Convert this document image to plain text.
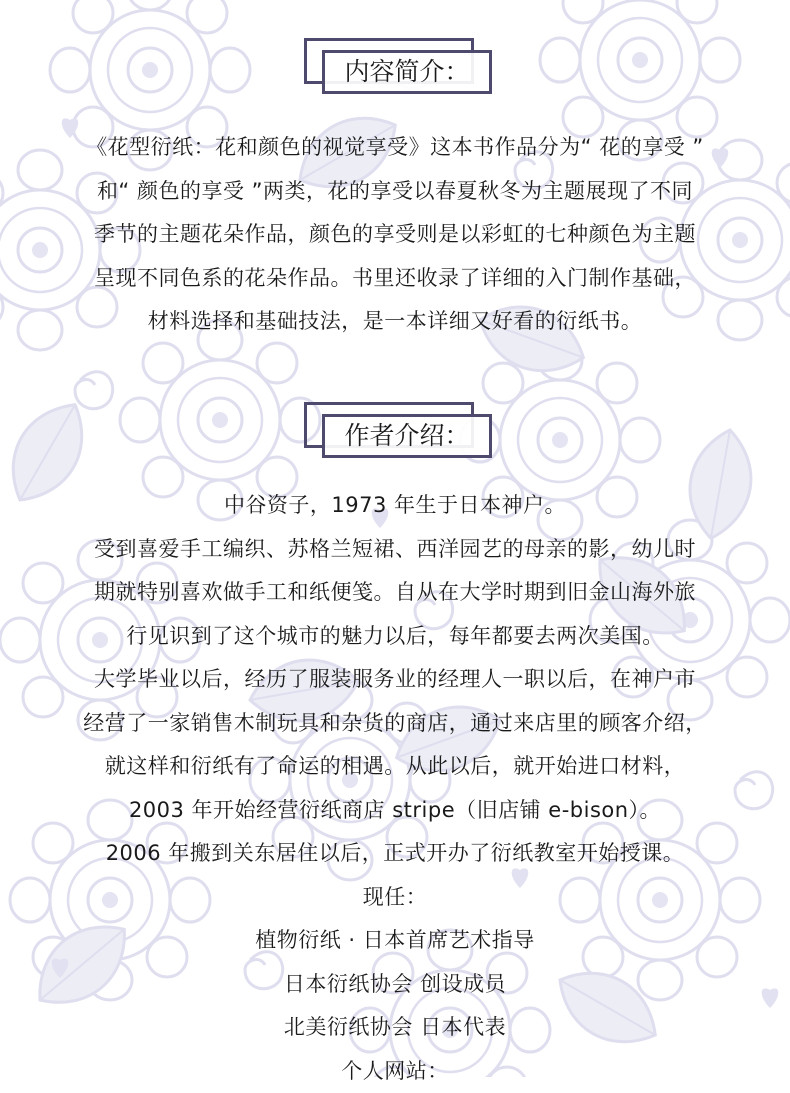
内容简介：

《花型衍纸：花和颜色的视觉享受》这本书作品分为“ 花的享受 ”
和“ 颜色的享受 ”两类，花的享受以春夏秋冬为主题展现了不同
季节的主题花朵作品，颜色的享受则是以彩虹的七种颜色为主题
呈现不同色系的花朵作品。书里还收录了详细的入门制作基础，
材料选择和基础技法，是一本详细又好看的衍纸书。

作者介绍：

中谷资子，1973 年生于日本神户。
受到喜爱手工编织、苏格兰短裙、西洋园艺的母亲的影，幼儿时
期就特别喜欢做手工和纸便笺。自从在大学时期到旧金山海外旅
行见识到了这个城市的魅力以后，每年都要去两次美国。
大学毕业以后，经历了服装服务业的经理人一职以后，在神户市
经营了一家销售木制玩具和杂货的商店，通过来店里的顾客介绍，
就这样和衍纸有了命运的相遇。从此以后，就开始进口材料，
2003 年开始经营衍纸商店 stripe（旧店铺 e-bison）。
2006 年搬到关东居住以后，正式开办了衍纸教室开始授课。
现任：
植物衍纸 · 日本首席艺术指导
日本衍纸协会 创设成员
北美衍纸协会 日本代表
个人网站：
